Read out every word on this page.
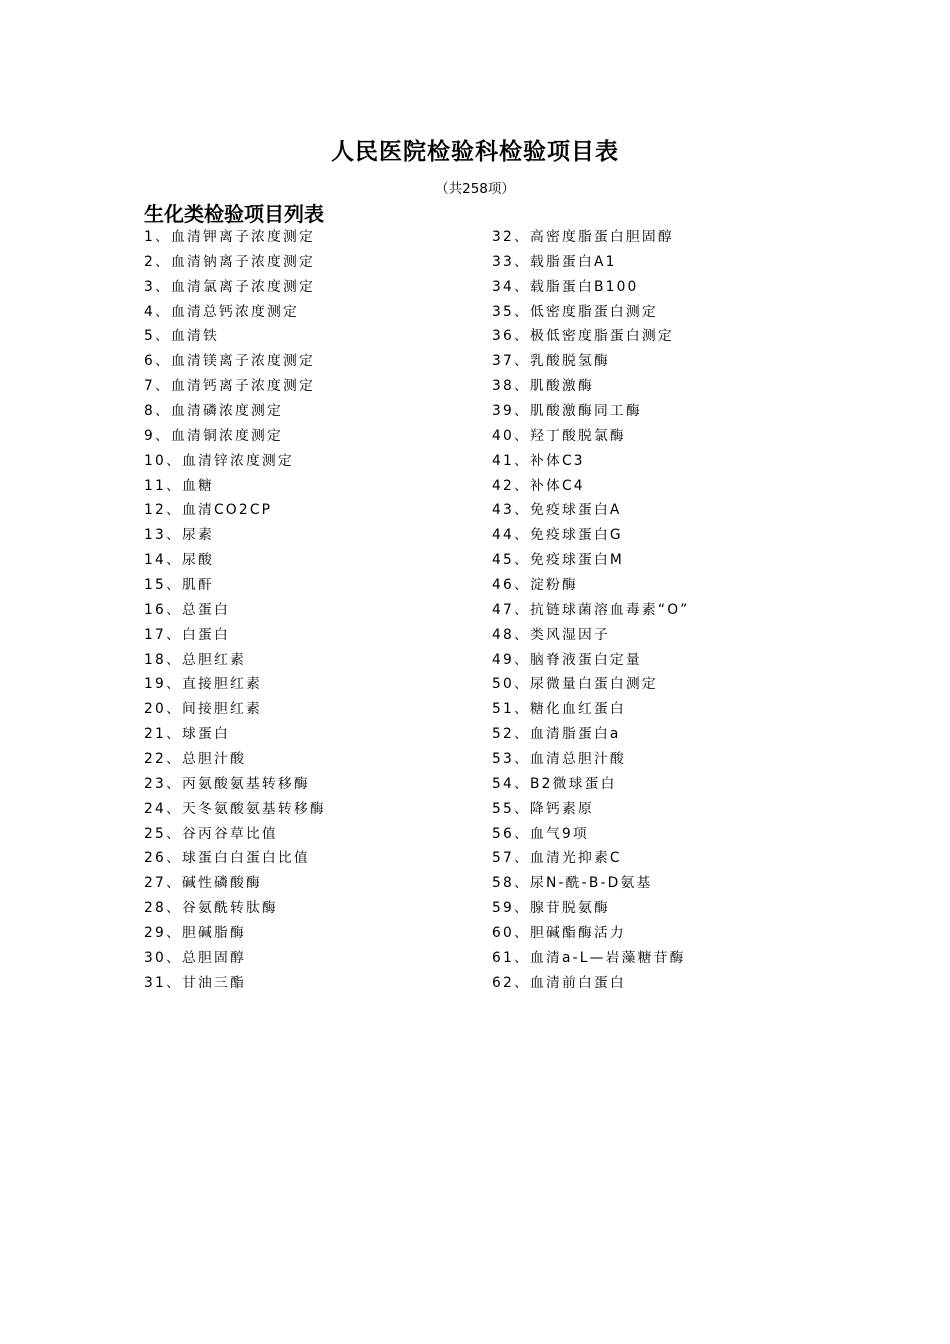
人民医院检验科检验项目表
（共258项）
生化类检验项目列表
1、血清钾离子浓度测定
2、血清钠离子浓度测定
3、血清氯离子浓度测定
4、血清总钙浓度测定
5、血清铁
6、血清镁离子浓度测定
7、血清钙离子浓度测定
8、血清磷浓度测定
9、血清铜浓度测定
10、血清锌浓度测定
11、血糖
12、血清CO2CP
13、尿素
14、尿酸
15、肌酐
16、总蛋白
17、白蛋白
18、总胆红素
19、直接胆红素
20、间接胆红素
21、球蛋白
22、总胆汁酸
23、丙氨酸氨基转移酶
24、天冬氨酸氨基转移酶
25、谷丙谷草比值
26、球蛋白白蛋白比值
27、碱性磷酸酶
28、谷氨酰转肽酶
29、胆碱脂酶
30、总胆固醇
31、甘油三酯
32、高密度脂蛋白胆固醇
33、载脂蛋白A1
34、载脂蛋白B100
35、低密度脂蛋白测定
36、极低密度脂蛋白测定
37、乳酸脱氢酶
38、肌酸激酶
39、肌酸激酶同工酶
40、羟丁酸脱氯酶
41、补体C3
42、补体C4
43、免疫球蛋白A
44、免疫球蛋白G
45、免疫球蛋白M
46、淀粉酶
47、抗链球菌溶血毒素“O”
48、类风湿因子
49、脑脊液蛋白定量
50、尿微量白蛋白测定
51、糖化血红蛋白
52、血清脂蛋白a
53、血清总胆汁酸
54、B2微球蛋白
55、降钙素原
56、血气9项
57、血清光抑素C
58、尿N-酰-B-D氨基
59、腺苷脱氨酶
60、胆碱酯酶活力
61、血清a-L—岩藻糖苷酶
62、血清前白蛋白
